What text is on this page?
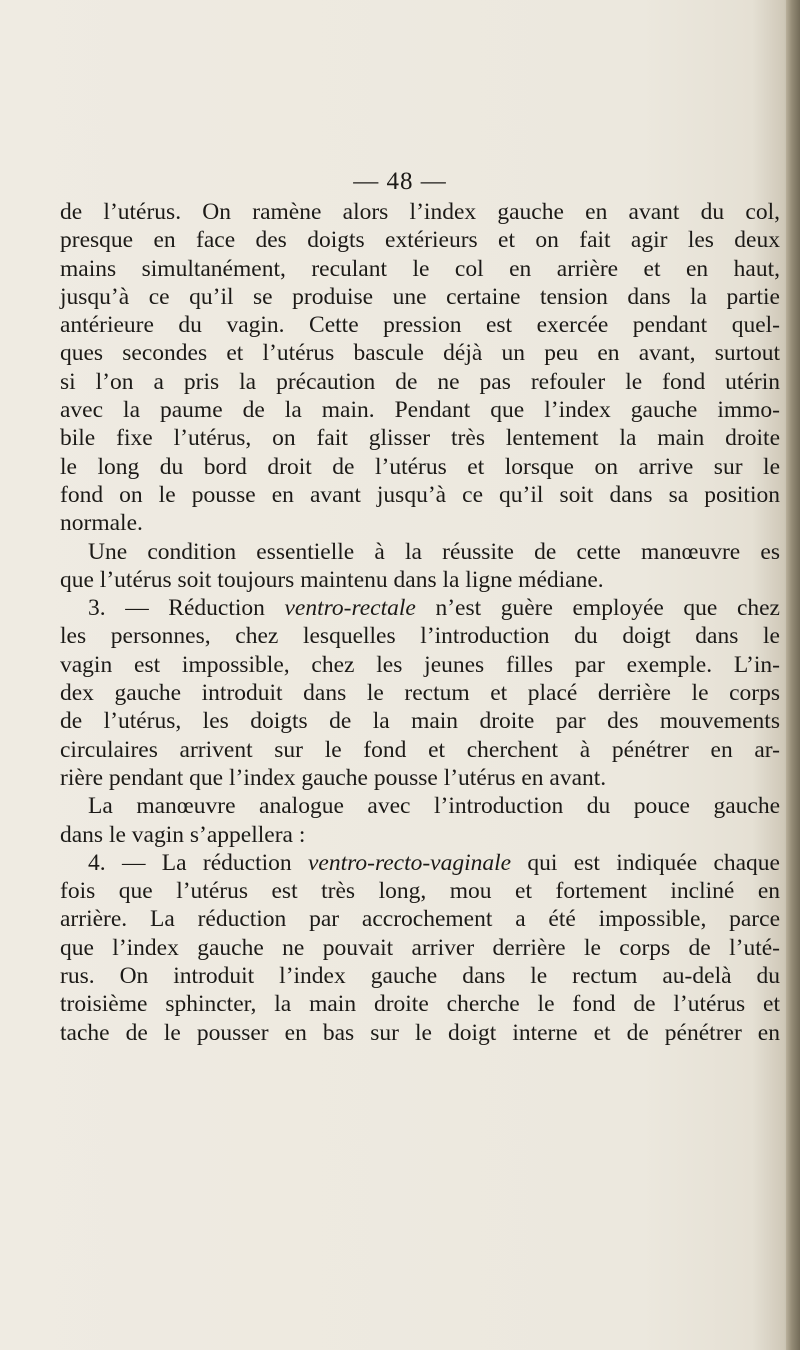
— 48 —
de l’utérus. On ramène alors l’index gauche en avant du col,
presque en face des doigts extérieurs et on fait agir les deux
mains simultanément, reculant le col en arrière et en haut,
jusqu’à ce qu’il se produise une certaine tension dans la partie
antérieure du vagin. Cette pression est exercée pendant quel-
ques secondes et l’utérus bascule déjà un peu en avant, surtout
si l’on a pris la précaution de ne pas refouler le fond utérin
avec la paume de la main. Pendant que l’index gauche immo-
bile fixe l’utérus, on fait glisser très lentement la main droite
le long du bord droit de l’utérus et lorsque on arrive sur le
fond on le pousse en avant jusqu’à ce qu’il soit dans sa position
normale.
Une condition essentielle à la réussite de cette manœuvre es
que l’utérus soit toujours maintenu dans la ligne médiane.
3. — Réduction ventro-rectale n’est guère employée que chez
les personnes, chez lesquelles l’introduction du doigt dans le
vagin est impossible, chez les jeunes filles par exemple. L’in-
dex gauche introduit dans le rectum et placé derrière le corps
de l’utérus, les doigts de la main droite par des mouvements
circulaires arrivent sur le fond et cherchent à pénétrer en ar-
rière pendant que l’index gauche pousse l’utérus en avant.
La manœuvre analogue avec l’introduction du pouce gauche
dans le vagin s’appellera :
4. — La réduction ventro-recto-vaginale qui est indiquée chaque
fois que l’utérus est très long, mou et fortement incliné en
arrière. La réduction par accrochement a été impossible, parce
que l’index gauche ne pouvait arriver derrière le corps de l’uté-
rus. On introduit l’index gauche dans le rectum au-delà du
troisième sphincter, la main droite cherche le fond de l’utérus et
tache de le pousser en bas sur le doigt interne et de pénétrer en
